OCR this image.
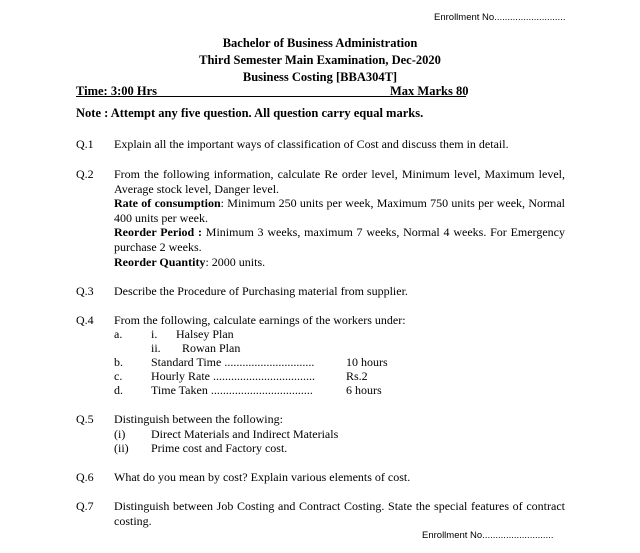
Enrollment No...........................
Bachelor of Business Administration
Third Semester Main Examination, Dec-2020
Business Costing [BBA304T]
Time: 3:00 Hrs	Max Marks 80
Note : Attempt any five question. All question carry equal marks.
Q.1 Explain all the important ways of classification of Cost and discuss them in detail.
Q.2 From the following information, calculate Re order level, Minimum level, Maximum level, Average stock level, Danger level.
Rate of consumption: Minimum 250 units per week, Maximum 750 units per week, Normal 400 units per week.
Reorder Period : Minimum 3 weeks, maximum 7 weeks, Normal 4 weeks. For Emergency purchase 2 weeks.
Reorder Quantity: 2000 units.
Q.3 Describe the Procedure of Purchasing material from supplier.
Q.4 From the following, calculate earnings of the workers under:
a. i. Halsey Plan
ii. Rowan Plan
b. Standard Time ..............................	10 hours
c. Hourly Rate ..................................	Rs.2
d. Time Taken ..................................	6 hours
Q.5 Distinguish between the following:
(i) Direct Materials and Indirect Materials
(ii) Prime cost and Factory cost.
Q.6 What do you mean by cost? Explain various elements of cost.
Q.7 Distinguish between Job Costing and Contract Costing. State the special features of contract costing.
Enrollment No...........................
